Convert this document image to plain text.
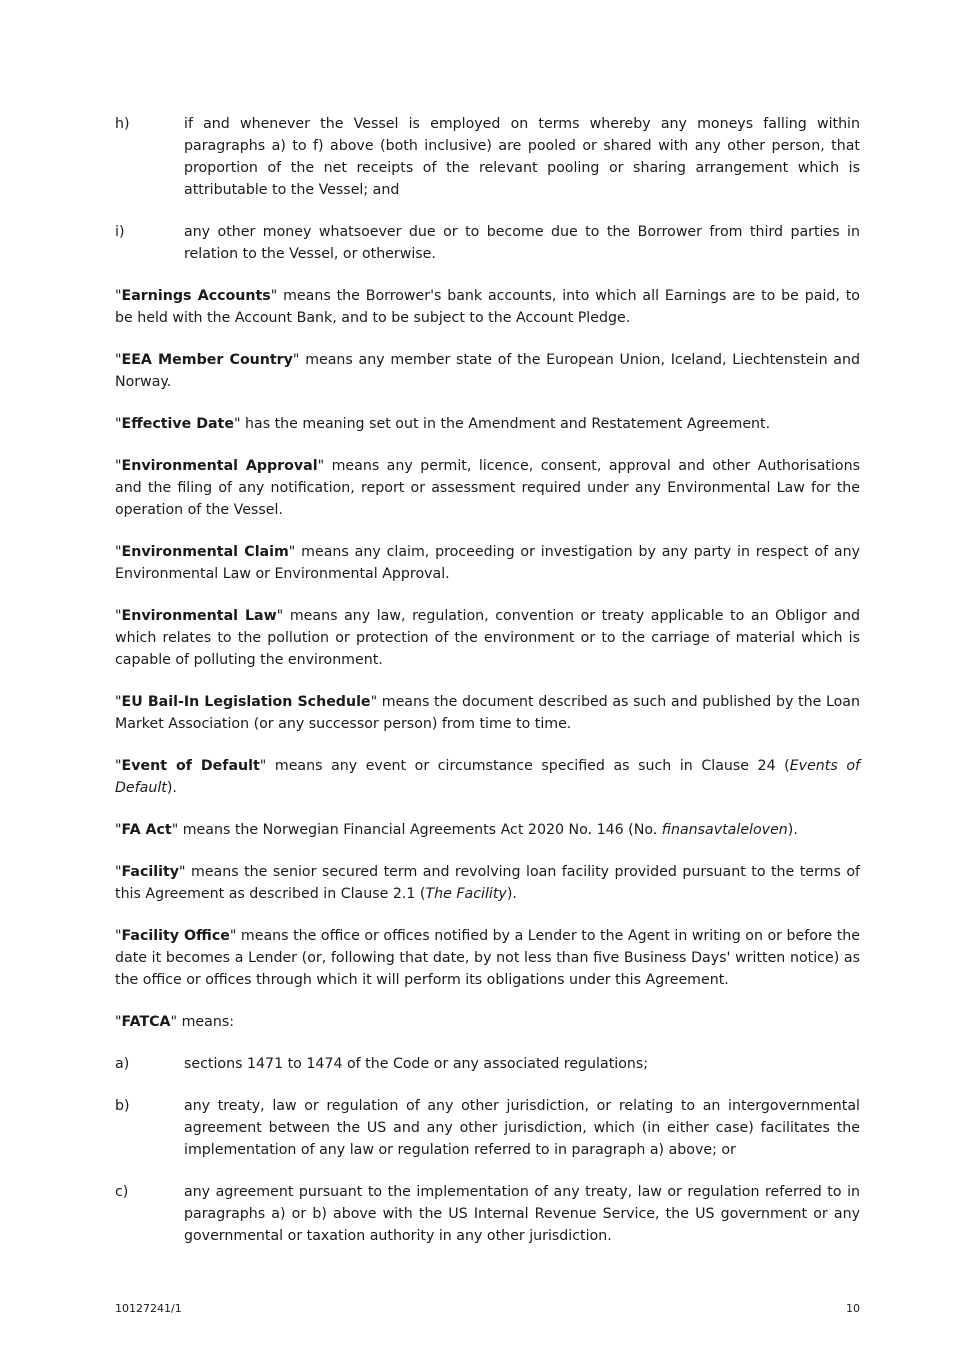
h)	if and whenever the Vessel is employed on terms whereby any moneys falling within paragraphs a) to f) above (both inclusive) are pooled or shared with any other person, that proportion of the net receipts of the relevant pooling or sharing arrangement which is attributable to the Vessel; and
i)	any other money whatsoever due or to become due to the Borrower from third parties in relation to the Vessel, or otherwise.

"Earnings Accounts" means the Borrower's bank accounts, into which all Earnings are to be paid, to be held with the Account Bank, and to be subject to the Account Pledge.

"EEA Member Country" means any member state of the European Union, Iceland, Liechtenstein and Norway.

"Effective Date" has the meaning set out in the Amendment and Restatement Agreement.

"Environmental Approval" means any permit, licence, consent, approval and other Authorisations and the filing of any notification, report or assessment required under any Environmental Law for the operation of the Vessel.

"Environmental Claim" means any claim, proceeding or investigation by any party in respect of any Environmental Law or Environmental Approval.

"Environmental Law" means any law, regulation, convention or treaty applicable to an Obligor and which relates to the pollution or protection of the environment or to the carriage of material which is capable of polluting the environment.

"EU Bail-In Legislation Schedule" means the document described as such and published by the Loan Market Association (or any successor person) from time to time.

"Event of Default" means any event or circumstance specified as such in Clause 24 (Events of Default).

"FA Act" means the Norwegian Financial Agreements Act 2020 No. 146 (No. finansavtaleloven).

"Facility" means the senior secured term and revolving loan facility provided pursuant to the terms of this Agreement as described in Clause 2.1 (The Facility).

"Facility Office" means the office or offices notified by a Lender to the Agent in writing on or before the date it becomes a Lender (or, following that date, by not less than five Business Days' written notice) as the office or offices through which it will perform its obligations under this Agreement.

"FATCA" means:

a)	sections 1471 to 1474 of the Code or any associated regulations;
b)	any treaty, law or regulation of any other jurisdiction, or relating to an intergovernmental agreement between the US and any other jurisdiction, which (in either case) facilitates the implementation of any law or regulation referred to in paragraph a) above; or
c)	any agreement pursuant to the implementation of any treaty, law or regulation referred to in paragraphs a) or b) above with the US Internal Revenue Service, the US government or any governmental or taxation authority in any other jurisdiction.
10127241/1	10
